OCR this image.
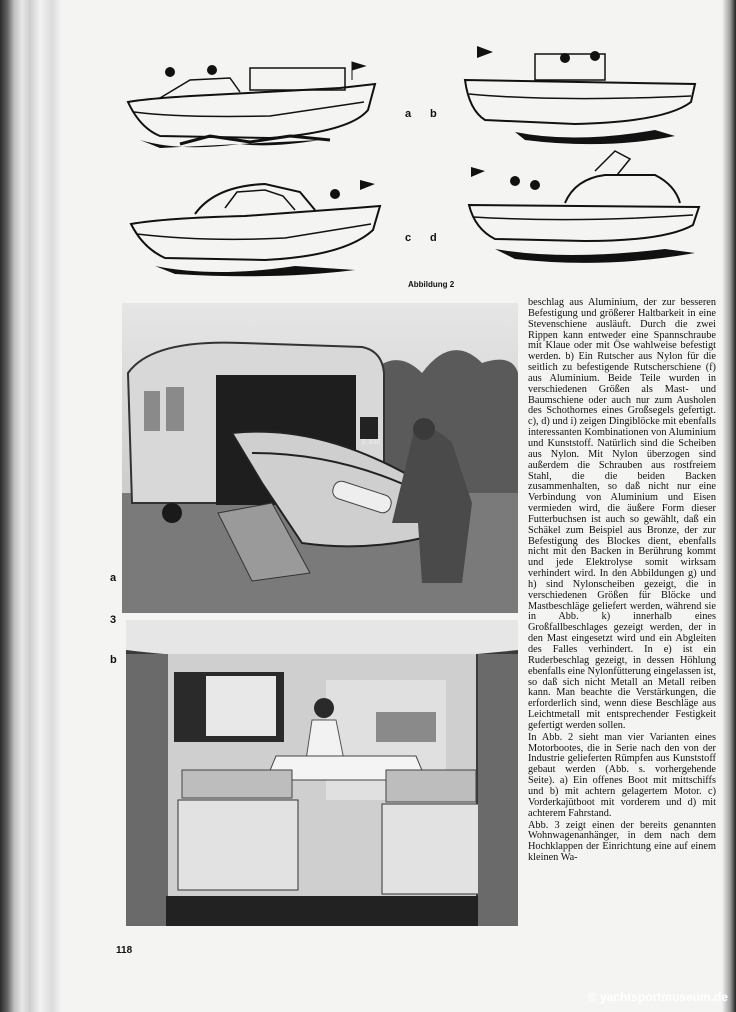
a b
c d
Abbildung 2
E 83E
a
3
b

beschlag aus Aluminium, der zur besseren Befestigung und größerer Haltbarkeit in eine Stevenschiene ausläuft. Durch die zwei Rippen kann entweder eine Spannschraube mit Klaue oder mit Öse wahlweise befestigt werden. b) Ein Rutscher aus Nylon für die seitlich zu befestigende Rutscherschiene (f) aus Aluminium. Beide Teile wurden in verschiedenen Größen als Mast- und Baumschiene oder auch nur zum Ausholen des Schothornes eines Großsegels gefertigt. c), d) und i) zeigen Dingiblöcke mit ebenfalls interessanten Kombinationen von Aluminium und Kunststoff. Natürlich sind die Scheiben aus Nylon. Mit Nylon überzogen sind außerdem die Schrauben aus rostfreiem Stahl, die die beiden Backen zusammenhalten, so daß nicht nur eine Verbindung von Aluminium und Eisen vermieden wird, die äußere Form dieser Futterbuchsen ist auch so gewählt, daß ein Schäkel zum Beispiel aus Bronze, der zur Befestigung des Blockes dient, ebenfalls nicht mit den Backen in Berührung kommt und jede Elektrolyse somit wirksam verhindert wird. In den Abbildungen g) und h) sind Nylonscheiben gezeigt, die in verschiedenen Größen für Blöcke und Mastbeschläge geliefert werden, während sie in Abb. k) innerhalb eines Großfallbeschlages gezeigt werden, der in den Mast eingesetzt wird und ein Abgleiten des Falles verhindert. In e) ist ein Ruderbeschlag gezeigt, in dessen Höhlung ebenfalls eine Nylonfütterung eingelassen ist, so daß sich nicht Metall an Metall reiben kann. Man beachte die Verstärkungen, die erforderlich sind, wenn diese Beschläge aus Leichtmetall mit entsprechender Festigkeit gefertigt werden sollen.

In Abb. 2 sieht man vier Varianten eines Motorbootes, die in Serie nach den von der Industrie gelieferten Rümpfen aus Kunststoff gebaut werden (Abb. s. vorhergehende Seite). a) Ein offenes Boot mit mittschiffs und b) mit achtern gelagertem Motor. c) Vorderkajütboot mit vorderem und d) mit achterem Fahrstand.

Abb. 3 zeigt einen der bereits genannten Wohnwagenanhänger, in dem nach dem Hochklappen der Einrichtung eine auf einem kleinen Wa-

118
© yachtsportmuseum.de
